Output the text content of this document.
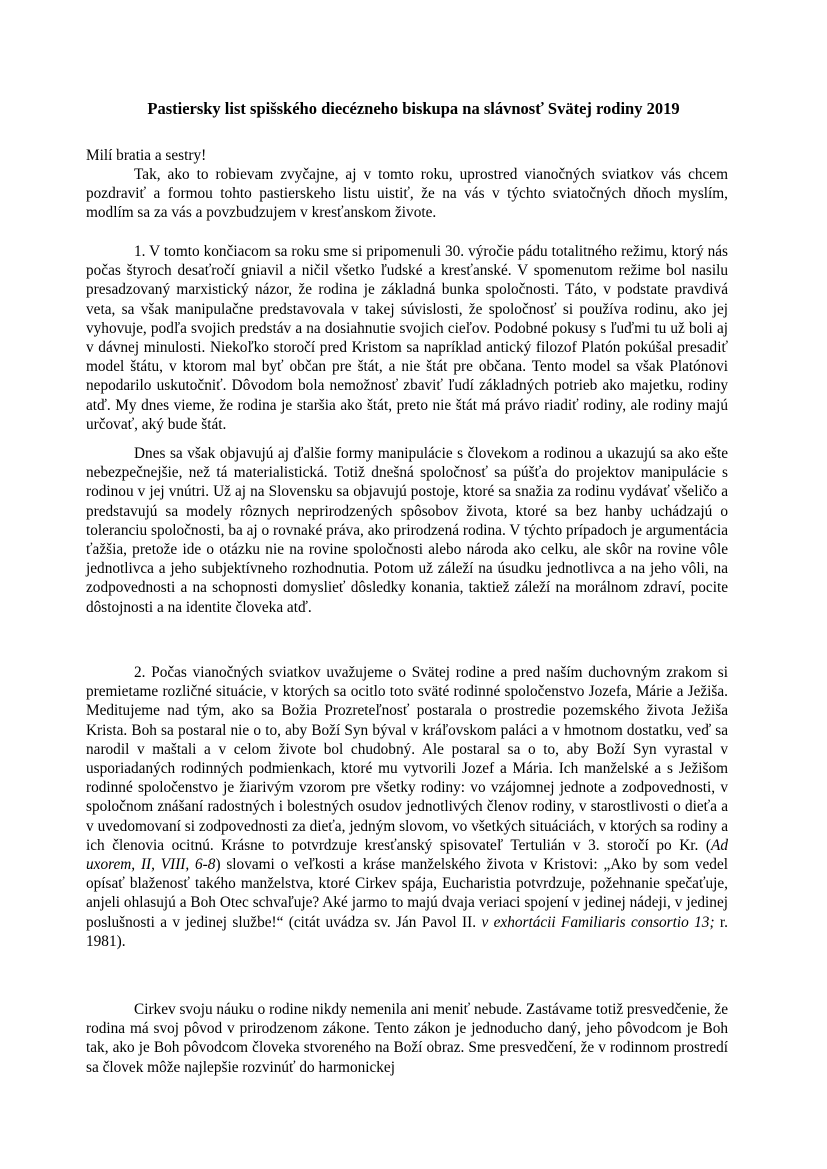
Pastiersky list spišského diecézneho biskupa na slávnosť Svätej rodiny 2019
Milí bratia a sestry!

Tak, ako to robievam zvyčajne, aj v tomto roku, uprostred vianočných sviatkov vás chcem pozdraviť a formou tohto pastierskeho listu uistiť, že na vás v týchto sviatočných dňoch myslím, modlím sa za vás a povzbudzujem v kresťanskom živote.

1. V tomto končiacom sa roku sme si pripomenuli 30. výročie pádu totalitného režimu, ktorý nás počas štyroch desaťročí gniavil a ničil všetko ľudské a kresťanské. V spomenutom režime bol nasilu presadzovaný marxistický názor, že rodina je základná bunka spoločnosti. Táto, v podstate pravdivá veta, sa však manipulačne predstavovala v takej súvislosti, že spoločnosť si používa rodinu, ako jej vyhovuje, podľa svojich predstáv a na dosiahnutie svojich cieľov. Podobné pokusy s ľuďmi tu už boli aj v dávnej minulosti. Niekoľko storočí pred Kristom sa napríklad antický filozof Platón pokúšal presadiť model štátu, v ktorom mal byť občan pre štát, a nie štát pre občana. Tento model sa však Platónovi nepodarilo uskutočniť. Dôvodom bola nemožnosť zbaviť ľudí základných potrieb ako majetku, rodiny atď. My dnes vieme, že rodina je staršia ako štát, preto nie štát má právo riadiť rodiny, ale rodiny majú určovať, aký bude štát.

Dnes sa však objavujú aj ďalšie formy manipulácie s človekom a rodinou a ukazujú sa ako ešte nebezpečnejšie, než tá materialistická. Totiž dnešná spoločnosť sa púšťa do projektov manipulácie s rodinou v jej vnútri. Už aj na Slovensku sa objavujú postoje, ktoré sa snažia za rodinu vydávať všeličo a predstavujú sa modely rôznych neprirodzených spôsobov života, ktoré sa bez hanby uchádzajú o toleranciu spoločnosti, ba aj o rovnaké práva, ako prirodzená rodina. V týchto prípadoch je argumentácia ťažšia, pretože ide o otázku nie na rovine spoločnosti alebo národa ako celku, ale skôr na rovine vôle jednotlivca a jeho subjektívneho rozhodnutia. Potom už záleží na úsudku jednotlivca a na jeho vôli, na zodpovednosti a na schopnosti domyslieť dôsledky konania, taktiež záleží na morálnom zdraví, pocite dôstojnosti a na identite človeka atď.

2. Počas vianočných sviatkov uvažujeme o Svätej rodine a pred naším duchovným zrakom si premietame rozličné situácie, v ktorých sa ocitlo toto sväté rodinné spoločenstvo Jozefa, Márie a Ježiša. Meditujeme nad tým, ako sa Božia Prozreteľnosť postarala o prostredie pozemského života Ježiša Krista. Boh sa postaral nie o to, aby Boží Syn býval v kráľovskom paláci a v hmotnom dostatku, veď sa narodil v maštali a v celom živote bol chudobný. Ale postaral sa o to, aby Boží Syn vyrastal v usporiadaných rodinných podmienkach, ktoré mu vytvorili Jozef a Mária. Ich manželské a s Ježišom rodinné spoločenstvo je žiarivým vzorom pre všetky rodiny: vo vzájomnej jednote a zodpovednosti, v spoločnom znášaní radostných i bolestných osudov jednotlivých členov rodiny, v starostlivosti o dieťa a v uvedomovaní si zodpovednosti za dieťa, jedným slovom, vo všetkých situáciách, v ktorých sa rodiny a ich členovia ocitnú. Krásne to potvrdzuje kresťanský spisovateľ Tertulián v 3. storočí po Kr. (Ad uxorem, II, VIII, 6-8) slovami o veľkosti a kráse manželského života v Kristovi: „Ako by som vedel opísať blaženosť takého manželstva, ktoré Cirkev spája, Eucharistia potvrdzuje, požehnanie spečaťuje, anjeli ohlasujú a Boh Otec schvaľuje? Aké jarmo to majú dvaja veriaci spojení v jedinej nádeji, v jedinej poslušnosti a v jedinej službe!“ (citát uvádza sv. Ján Pavol II. v exhortácii Familiaris consortio 13; r. 1981).

Cirkev svoju náuku o rodine nikdy nemenila ani meniť nebude. Zastávame totiž presvedčenie, že rodina má svoj pôvod v prirodzenom zákone. Tento zákon je jednoducho daný, jeho pôvodcom je Boh tak, ako je Boh pôvodcom človeka stvoreného na Boží obraz. Sme presvedčení, že v rodinnom prostredí sa človek môže najlepšie rozvinúť do harmonickej
